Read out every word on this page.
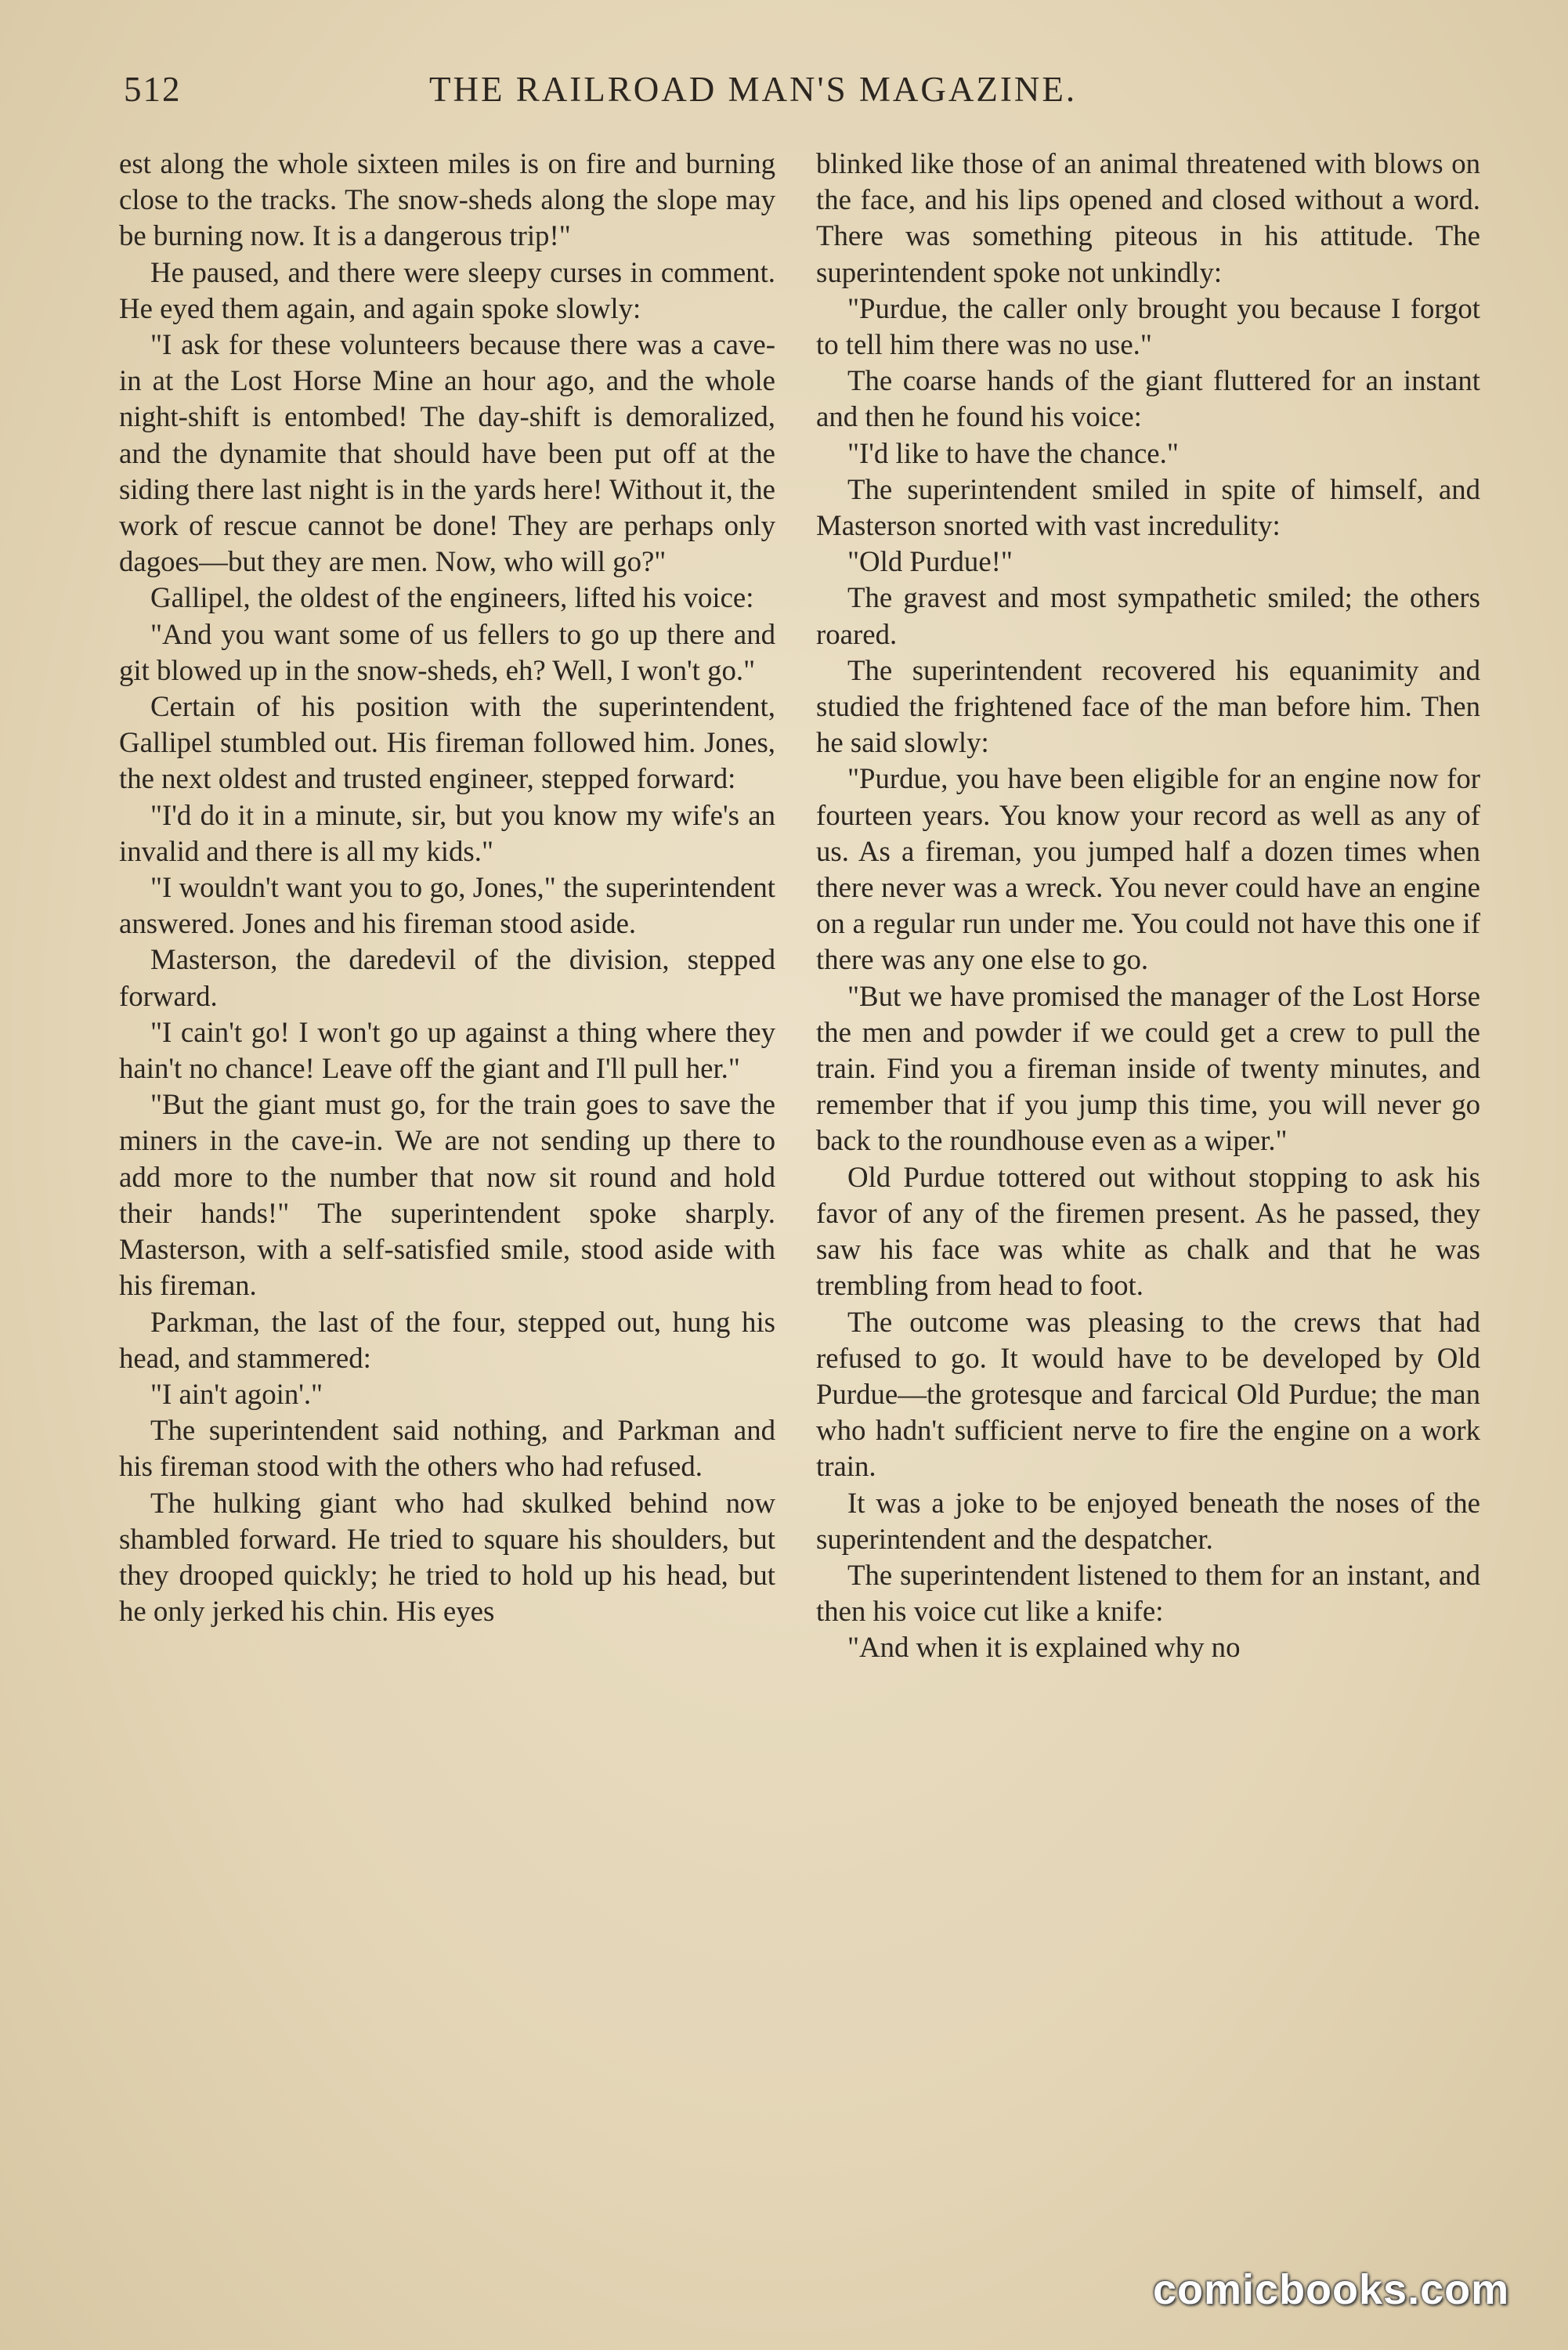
512	THE RAILROAD MAN'S MAGAZINE.

est along the whole sixteen miles is on fire and burning close to the tracks. The snow-sheds along the slope may be burning now. It is a dangerous trip!"

He paused, and there were sleepy curses in comment. He eyed them again, and again spoke slowly:

"I ask for these volunteers because there was a cave-in at the Lost Horse Mine an hour ago, and the whole night-shift is entombed! The day-shift is demoralized, and the dynamite that should have been put off at the siding there last night is in the yards here! Without it, the work of rescue cannot be done! They are perhaps only dagoes—but they are men. Now, who will go?"

Gallipel, the oldest of the engineers, lifted his voice:

"And you want some of us fellers to go up there and git blowed up in the snow-sheds, eh? Well, I won't go."

Certain of his position with the superintendent, Gallipel stumbled out. His fireman followed him. Jones, the next oldest and trusted engineer, stepped forward:

"I'd do it in a minute, sir, but you know my wife's an invalid and there is all my kids."

"I wouldn't want you to go, Jones," the superintendent answered. Jones and his fireman stood aside.

Masterson, the daredevil of the division, stepped forward.

"I cain't go! I won't go up against a thing where they hain't no chance! Leave off the giant and I'll pull her."

"But the giant must go, for the train goes to save the miners in the cave-in. We are not sending up there to add more to the number that now sit round and hold their hands!" The superintendent spoke sharply. Masterson, with a self-satisfied smile, stood aside with his fireman.

Parkman, the last of the four, stepped out, hung his head, and stammered:

"I ain't agoin'."

The superintendent said nothing, and Parkman and his fireman stood with the others who had refused.

The hulking giant who had skulked behind now shambled forward. He tried to square his shoulders, but they drooped quickly; he tried to hold up his head, but he only jerked his chin. His eyes

blinked like those of an animal threatened with blows on the face, and his lips opened and closed without a word. There was something piteous in his attitude. The superintendent spoke not unkindly:

"Purdue, the caller only brought you because I forgot to tell him there was no use."

The coarse hands of the giant fluttered for an instant and then he found his voice:

"I'd like to have the chance."

The superintendent smiled in spite of himself, and Masterson snorted with vast incredulity:

"Old Purdue!"

The gravest and most sympathetic smiled; the others roared.

The superintendent recovered his equanimity and studied the frightened face of the man before him. Then he said slowly:

"Purdue, you have been eligible for an engine now for fourteen years. You know your record as well as any of us. As a fireman, you jumped half a dozen times when there never was a wreck. You never could have an engine on a regular run under me. You could not have this one if there was any one else to go.

"But we have promised the manager of the Lost Horse the men and powder if we could get a crew to pull the train. Find you a fireman inside of twenty minutes, and remember that if you jump this time, you will never go back to the roundhouse even as a wiper."

Old Purdue tottered out without stopping to ask his favor of any of the firemen present. As he passed, they saw his face was white as chalk and that he was trembling from head to foot.

The outcome was pleasing to the crews that had refused to go. It would have to be developed by Old Purdue—the grotesque and farcical Old Purdue; the man who hadn't sufficient nerve to fire the engine on a work train.

It was a joke to be enjoyed beneath the noses of the superintendent and the despatcher.

The superintendent listened to them for an instant, and then his voice cut like a knife:

"And when it is explained why no

comicbooks.com
